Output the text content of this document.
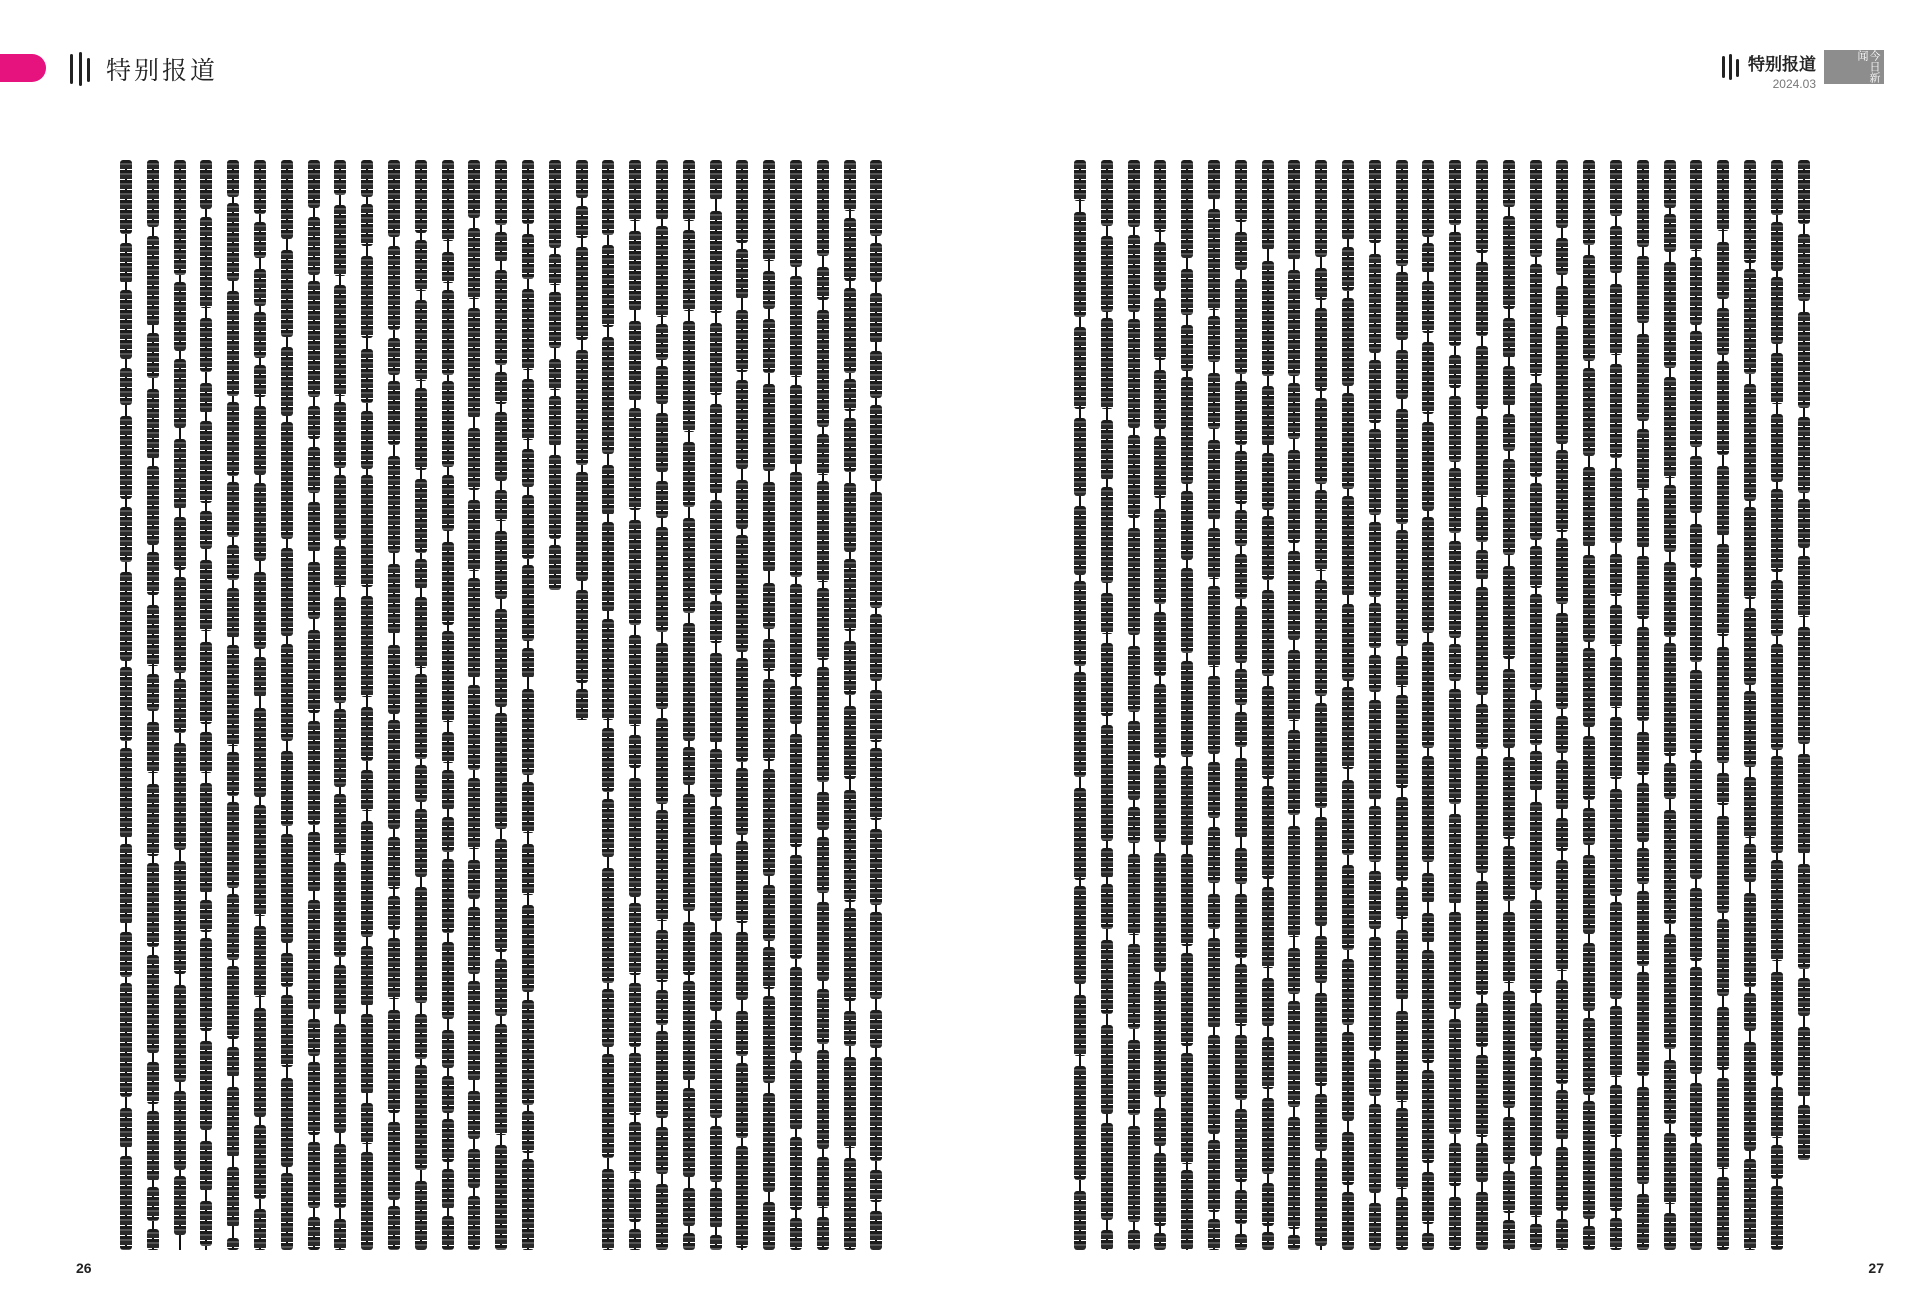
特别报道
26
特别报道
2024.03
今日新闻
27
